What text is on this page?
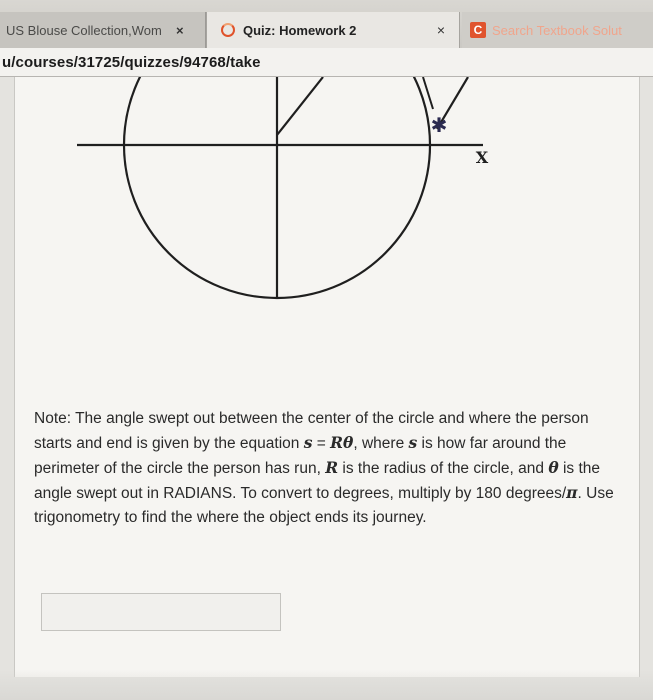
US Blouse Collection,Wom	×	Quiz: Homework 2	×	C Search Textbook Solut
u/courses/31725/quizzes/94768/take
✱
X
Note: The angle swept out between the center of the circle and where the person starts and end is given by the equation s = Rθ, where s is how far around the perimeter of the circle the person has run, R is the radius of the circle, and θ is the angle swept out in RADIANS. To convert to degrees, multiply by 180 degrees/π. Use trigonometry to find the where the object ends its journey.
